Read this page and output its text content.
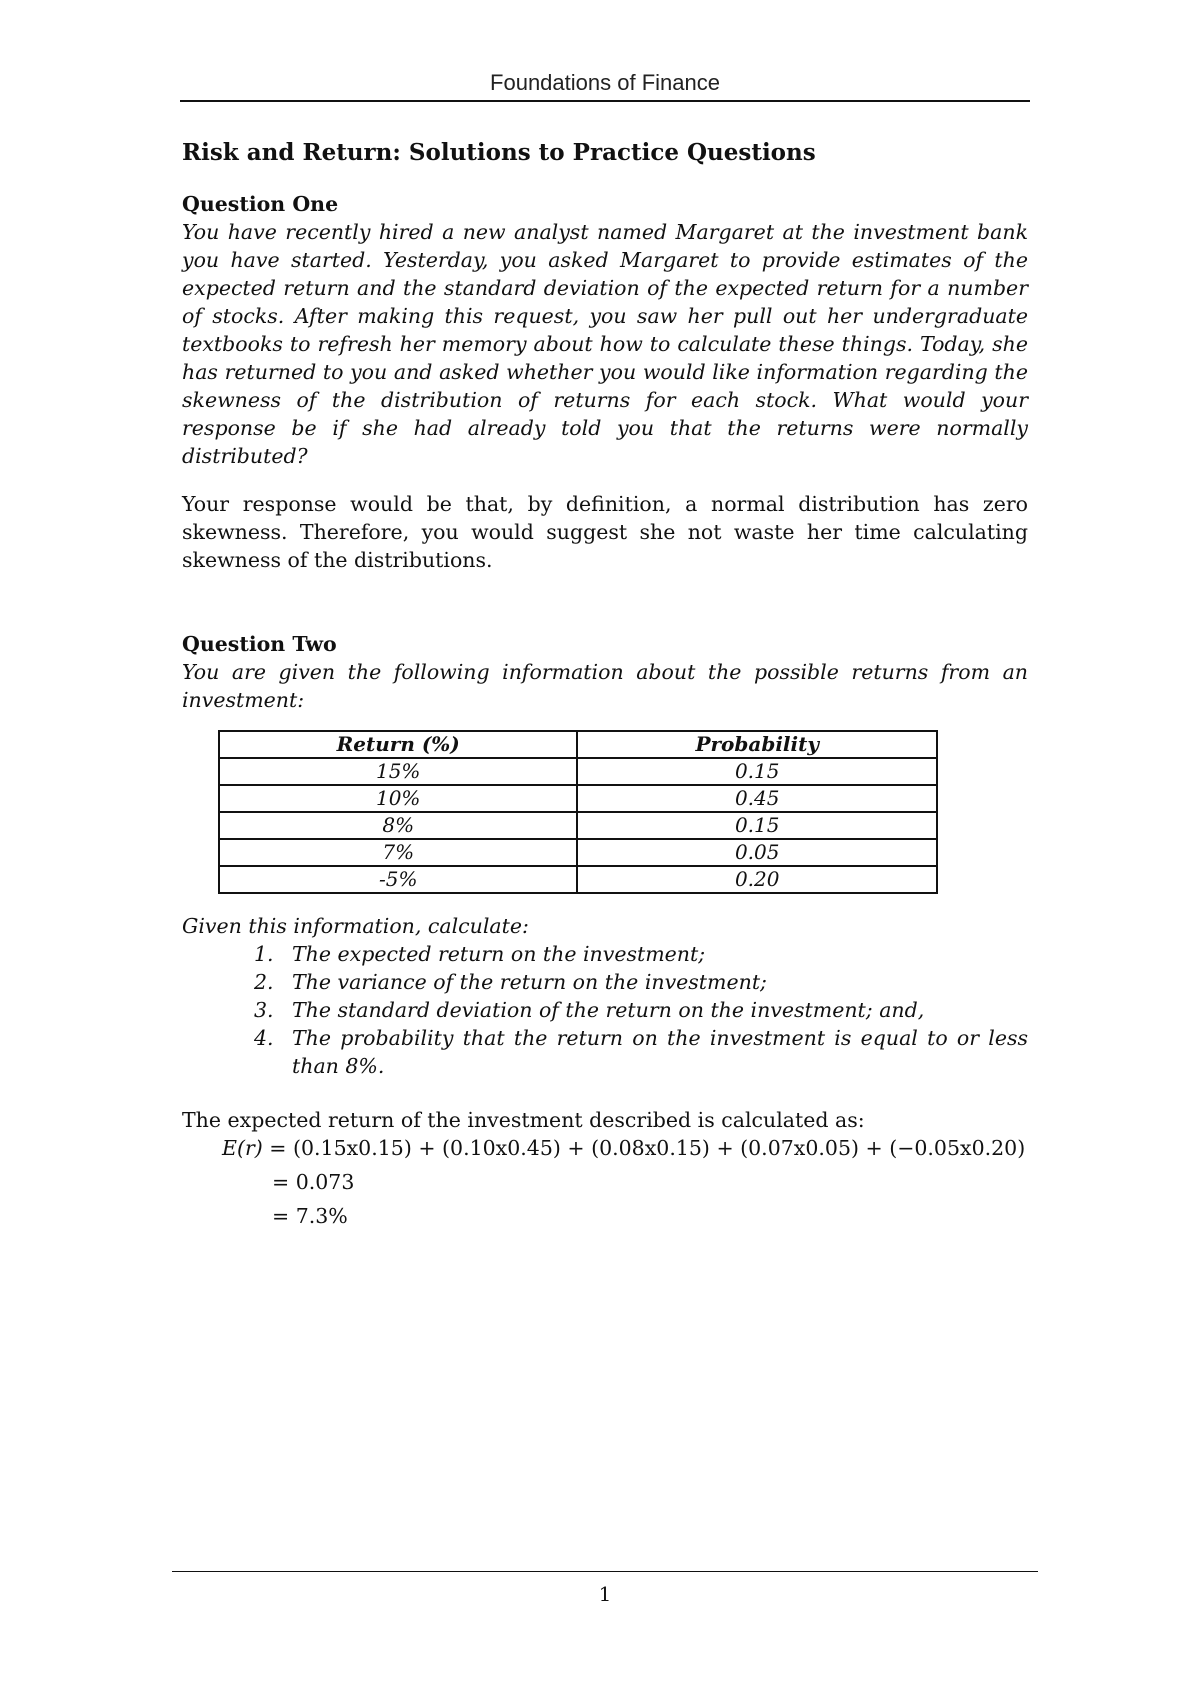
Foundations of Finance
Risk and Return: Solutions to Practice Questions

Question One

You have recently hired a new analyst named Margaret at the investment bank you have started. Yesterday, you asked Margaret to provide estimates of the expected return and the standard deviation of the expected return for a number of stocks. After making this request, you saw her pull out her undergraduate textbooks to refresh her memory about how to calculate these things. Today, she has returned to you and asked whether you would like information regarding the skewness of the distribution of returns for each stock. What would your response be if she had already told you that the returns were normally distributed?

Your response would be that, by definition, a normal distribution has zero skewness. Therefore, you would suggest she not waste her time calculating skewness of the distributions.

Question Two

You are given the following information about the possible returns from an investment:

Return (%)	Probability
15%	0.15
10%	0.45
8%	0.15
7%	0.05
-5%	0.20

Given this information, calculate:

1. The expected return on the investment;
2. The variance of the return on the investment;
3. The standard deviation of the return on the investment; and,
4. The probability that the return on the investment is equal to or less than 8%.

The expected return of the investment described is calculated as:

E(r) = (0.15x0.15) + (0.10x0.45) + (0.08x0.15) + (0.07x0.05) + (−0.05x0.20)
= 0.073
= 7.3%
1
